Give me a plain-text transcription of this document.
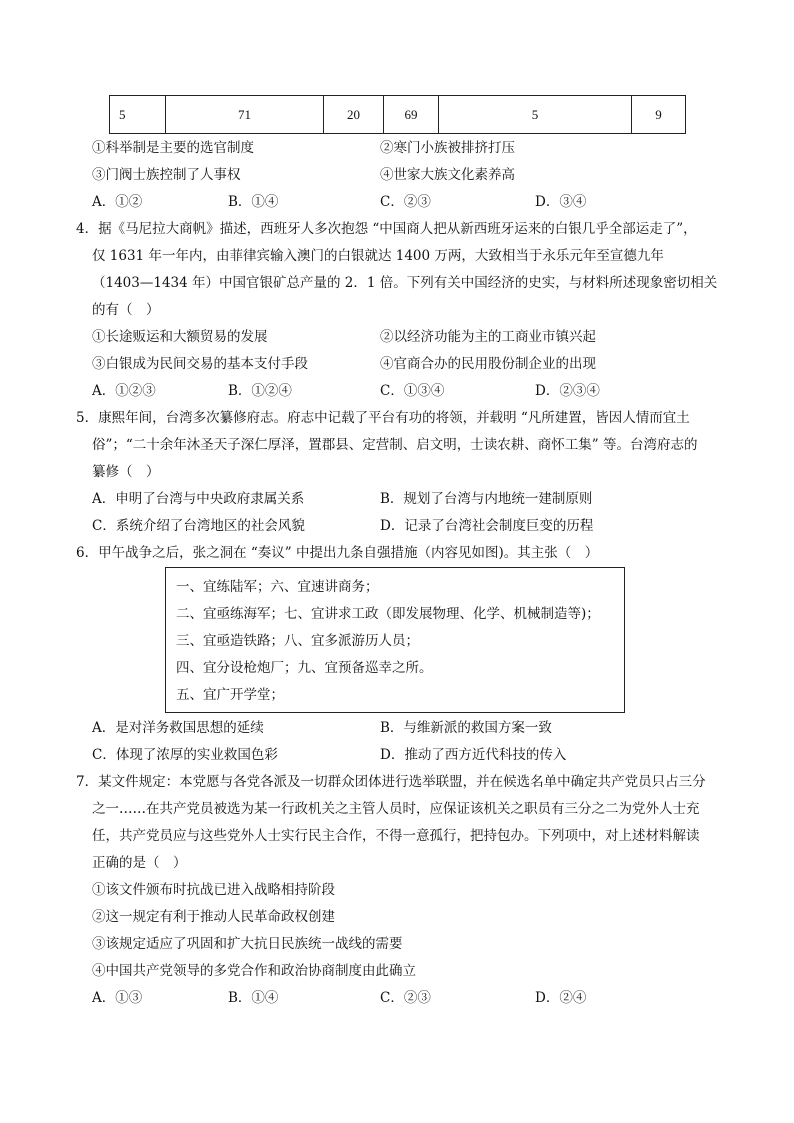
5	71	20	69	5	9
①科举制是主要的选官制度	②寒门小族被排挤打压
③门阀士族控制了人事权	④世家大族文化素养高
A．①②	B．①④	C．②③	D．③④
4．据《马尼拉大商帆》描述，西班牙人多次抱怨 “中国商人把从新西班牙运来的白银几乎全部运走了”，
仅 1631 年一年内，由菲律宾输入澳门的白银就达 1400 万两，大致相当于永乐元年至宣德九年
（1403—1434 年）中国官银矿总产量的 2．1 倍。下列有关中国经济的史实，与材料所述现象密切相关
的有（　）
①长途贩运和大额贸易的发展	②以经济功能为主的工商业市镇兴起
③白银成为民间交易的基本支付手段	④官商合办的民用股份制企业的出现
A．①②③	B．①②④	C．①③④	D．②③④
5．康熙年间，台湾多次纂修府志。府志中记载了平台有功的将领，并载明 “凡所建置，皆因人情而宜土
俗”；“二十余年沐圣天子深仁厚泽，置郡县、定营制、启文明，士读农耕、商怀工集” 等。台湾府志的
纂修（　）
A．申明了台湾与中央政府隶属关系	B．规划了台湾与内地统一建制原则
C．系统介绍了台湾地区的社会风貌	D．记录了台湾社会制度巨变的历程
6．甲午战争之后，张之洞在 “奏议” 中提出九条自强措施（内容见如图)。其主张（　）
一、宜练陆军；六、宜速讲商务；
二、宜亟练海军；七、宜讲求工政（即发展物理、化学、机械制造等)；
三、宜亟造铁路；八、宜多派游历人员；
四、宜分设枪炮厂；九、宜预备巡幸之所。
五、宜广开学堂；
A．是对洋务救国思想的延续	B．与维新派的救国方案一致
C．体现了浓厚的实业救国色彩	D．推动了西方近代科技的传入
7．某文件规定：本党愿与各党各派及一切群众团体进行选举联盟，并在候选名单中确定共产党员只占三分
之一……在共产党员被选为某一行政机关之主管人员时，应保证该机关之职员有三分之二为党外人士充
任，共产党员应与这些党外人士实行民主合作，不得一意孤行，把持包办。下列项中，对上述材料解读
正确的是（　）
①该文件颁布时抗战已进入战略相持阶段
②这一规定有利于推动人民革命政权创建
③该规定适应了巩固和扩大抗日民族统一战线的需要
④中国共产党领导的多党合作和政治协商制度由此确立
A．①③	B．①④	C．②③	D．②④
